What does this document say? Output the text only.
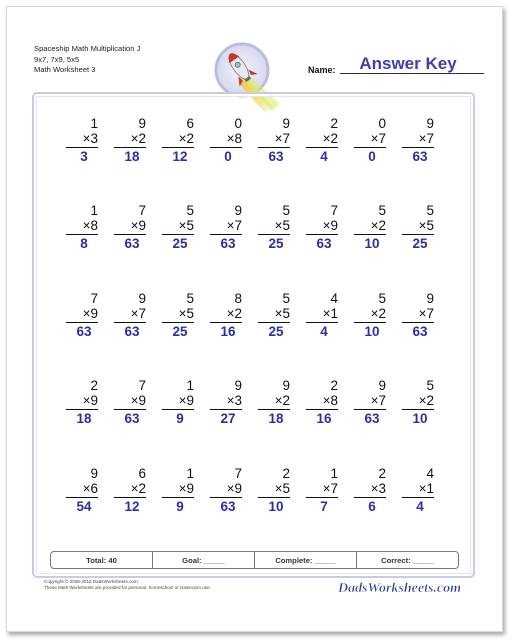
Spaceship Math Multiplication J
9x7, 7x9, 5x5
Math Worksheet 3	Name:	Answer Key
1
×3
3
9
×2
18
6
×2
12
0
×8
0
9
×7
63
2
×2
4
0
×7
0
9
×7
63
1
×8
8
7
×9
63
5
×5
25
9
×7
63
5
×5
25
7
×9
63
5
×2
10
5
×5
25
7
×9
63
9
×7
63
5
×5
25
8
×2
16
5
×5
25
4
×1
4
5
×2
10
9
×7
63
2
×9
18
7
×9
63
1
×9
9
9
×3
27
9
×2
18
2
×8
16
9
×7
63
5
×2
10
9
×6
54
6
×2
12
1
×9
9
7
×9
63
2
×5
10
1
×7
7
2
×3
6
4
×1
4
Total: 40	Goal: _____	Complete: _____	Correct: _____
Copyright © 2008-2018 DadsWorksheets.com
These Math Worksheets are provided for personal, homeschool or classroom use.	DadsWorksheets.com
